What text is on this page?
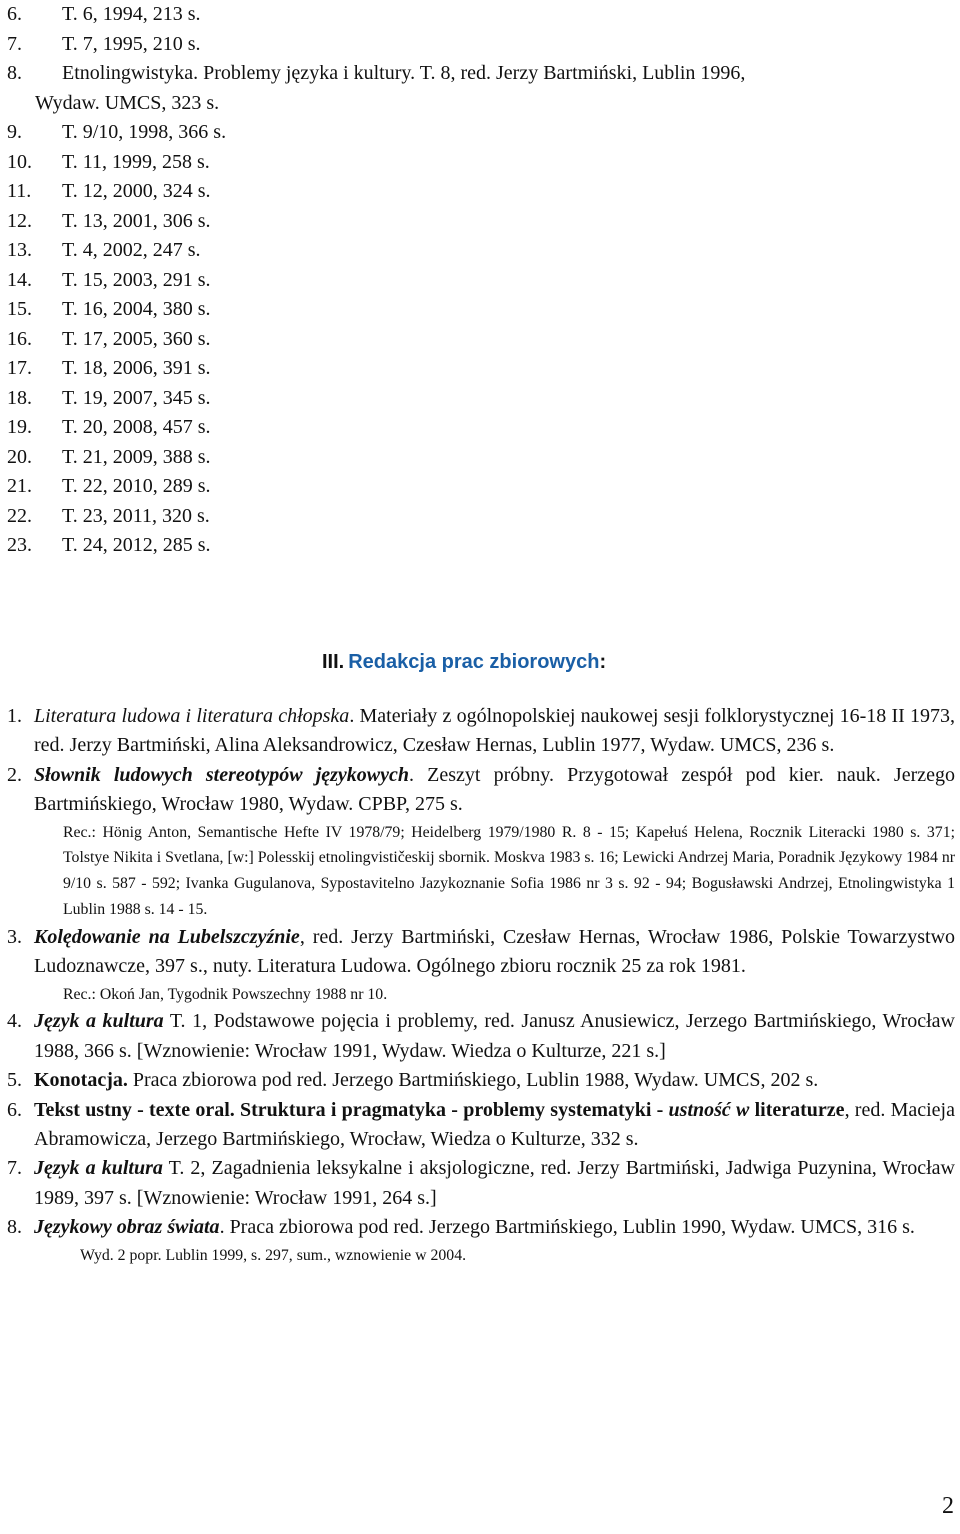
6.	T. 6, 1994, 213 s.
7.	T. 7, 1995, 210 s.
8.	Etnolingwistyka. Problemy języka i kultury. T. 8, red. Jerzy Bartmiński, Lublin 1996,
Wydaw. UMCS, 323 s.
9.	T. 9/10, 1998, 366 s.
10.	T. 11, 1999, 258 s.
11.	T. 12, 2000, 324 s.
12.	T. 13, 2001, 306 s.
13.	T. 4, 2002, 247 s.
14.	T. 15, 2003, 291 s.
15.	T. 16, 2004, 380 s.
16.	T. 17, 2005, 360 s.
17.	T. 18, 2006, 391 s.
18.	T. 19, 2007, 345 s.
19.	T. 20, 2008, 457 s.
20.	T. 21, 2009, 388 s.
21.	T. 22, 2010, 289 s.
22.	T. 23, 2011, 320 s.
23.	T. 24, 2012, 285 s.
III. Redakcja prac zbiorowych:
1. Literatura ludowa i literatura chłopska. Materiały z ogólnopolskiej naukowej sesji folklorystycznej 16-18 II 1973, red. Jerzy Bartmiński, Alina Aleksandrowicz, Czesław Hernas, Lublin 1977, Wydaw. UMCS, 236 s.
2. Słownik ludowych stereotypów językowych. Zeszyt próbny. Przygotował zespół pod kier. nauk. Jerzego Bartmińskiego, Wrocław 1980, Wydaw. CPBP, 275 s.
Rec.: Hönig Anton, Semantische Hefte IV 1978/79; Heidelberg 1979/1980 R. 8 - 15; Kapełuś Helena, Rocznik Literacki 1980 s. 371; Tolstye Nikita i Svetlana, [w:] Polesskij etnolingvističeskij sbornik. Moskva 1983 s. 16; Lewicki Andrzej Maria, Poradnik Językowy 1984 nr 9/10 s. 587 - 592; Ivanka Gugulanova, Sypostavitelno Jazykoznanie Sofia 1986 nr 3 s. 92 - 94; Bogusławski Andrzej, Etnolingwistyka 1 Lublin 1988 s. 14 - 15.
3. Kolędowanie na Lubelszczyźnie, red. Jerzy Bartmiński, Czesław Hernas, Wrocław 1986, Polskie Towarzystwo Ludoznawcze, 397 s., nuty. Literatura Ludowa. Ogólnego zbioru rocznik 25 za rok 1981.
Rec.: Okoń Jan, Tygodnik Powszechny 1988 nr 10.
4. Język a kultura T. 1, Podstawowe pojęcia i problemy, red. Janusz Anusiewicz, Jerzego Bartmińskiego, Wrocław 1988, 366 s. [Wznowienie: Wrocław 1991, Wydaw. Wiedza o Kulturze, 221 s.]
5. Konotacja. Praca zbiorowa pod red. Jerzego Bartmińskiego, Lublin 1988, Wydaw. UMCS, 202 s.
6. Tekst ustny - texte oral. Struktura i pragmatyka - problemy systematyki - ustność w literaturze, red. Macieja Abramowicza, Jerzego Bartmińskiego, Wrocław, Wiedza o Kulturze, 332 s.
7. Język a kultura T. 2, Zagadnienia leksykalne i aksjologiczne, red. Jerzy Bartmiński, Jadwiga Puzynina, Wrocław 1989, 397 s. [Wznowienie: Wrocław 1991, 264 s.]
8. Językowy obraz świata. Praca zbiorowa pod red. Jerzego Bartmińskiego, Lublin 1990, Wydaw. UMCS, 316 s.
Wyd. 2 popr. Lublin 1999, s. 297, sum., wznowienie w 2004.
2
